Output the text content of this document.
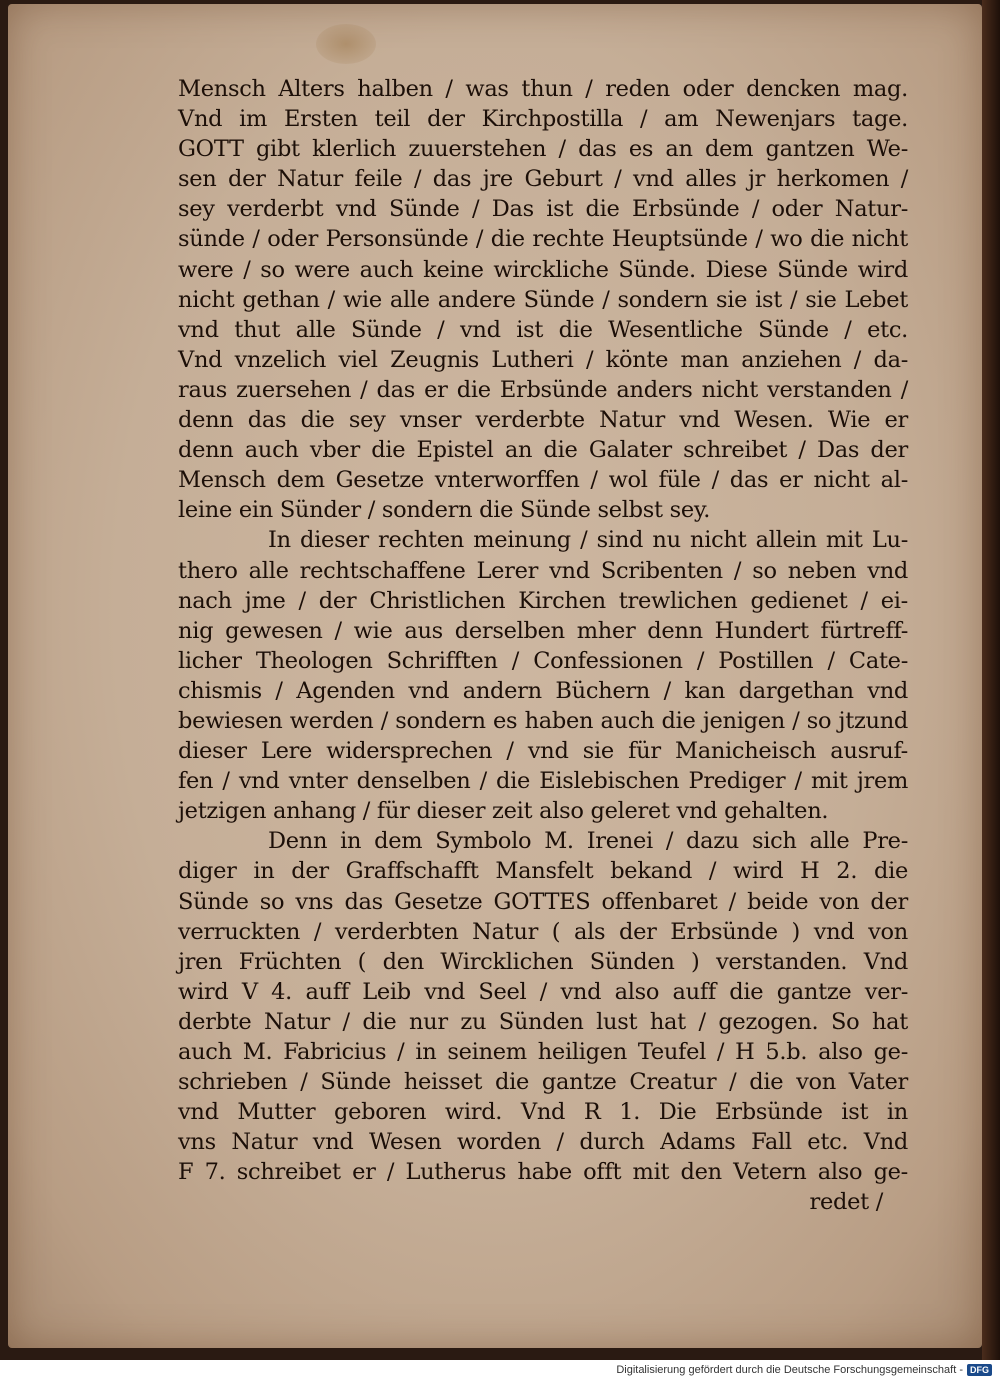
Mensch Alters halben / was thun / reden oder dencken mag.
Vnd im Ersten teil der Kirchpostilla / am Newenjars tage.
GOTT gibt klerlich zuuerstehen / das es an dem gantzen We-
sen der Natur feile / das jre Geburt / vnd alles jr herkomen /
sey verderbt vnd Sünde / Das ist die Erbsünde / oder Natur-
sünde / oder Personsünde / die rechte Heuptsünde / wo die nicht
were / so were auch keine wirckliche Sünde. Diese Sünde wird
nicht gethan / wie alle andere Sünde / sondern sie ist / sie Lebet
vnd thut alle Sünde / vnd ist die Wesentliche Sünde / etc.
Vnd vnzelich viel Zeugnis Lutheri / könte man anziehen / da-
raus zuersehen / das er die Erbsünde anders nicht verstanden /
denn das die sey vnser verderbte Natur vnd Wesen. Wie er
denn auch vber die Epistel an die Galater schreibet / Das der
Mensch dem Gesetze vnterworffen / wol füle / das er nicht al-
leine ein Sünder / sondern die Sünde selbst sey.
In dieser rechten meinung / sind nu nicht allein mit Lu-
thero alle rechtschaffene Lerer vnd Scribenten / so neben vnd
nach jme / der Christlichen Kirchen trewlichen gedienet / ei-
nig gewesen / wie aus derselben mher denn Hundert fürtreff-
licher Theologen Schrifften / Confessionen / Postillen / Cate-
chismis / Agenden vnd andern Büchern / kan dargethan vnd
bewiesen werden / sondern es haben auch die jenigen / so jtzund
dieser Lere widersprechen / vnd sie für Manicheisch ausruf-
fen / vnd vnter denselben / die Eislebischen Prediger / mit jrem
jetzigen anhang / für dieser zeit also geleret vnd gehalten.
Denn in dem Symbolo M. Irenei / dazu sich alle Pre-
diger in der Graffschafft Mansfelt bekand / wird H 2. die
Sünde so vns das Gesetze GOTTES offenbaret / beide von der
verruckten / verderbten Natur ( als der Erbsünde ) vnd von
jren Früchten ( den Wircklichen Sünden ) verstanden. Vnd
wird V 4. auff Leib vnd Seel / vnd also auff die gantze ver-
derbte Natur / die nur zu Sünden lust hat / gezogen. So hat
auch M. Fabricius / in seinem heiligen Teufel / H 5.b. also ge-
schrieben / Sünde heisset die gantze Creatur / die von Vater
vnd Mutter geboren wird. Vnd R 1. Die Erbsünde ist in
vns Natur vnd Wesen worden / durch Adams Fall etc. Vnd
F 7. schreibet er / Lutherus habe offt mit den Vetern also ge-
redet /
Digitalisierung gefördert durch die Deutsche Forschungsgemeinschaft - DFG
